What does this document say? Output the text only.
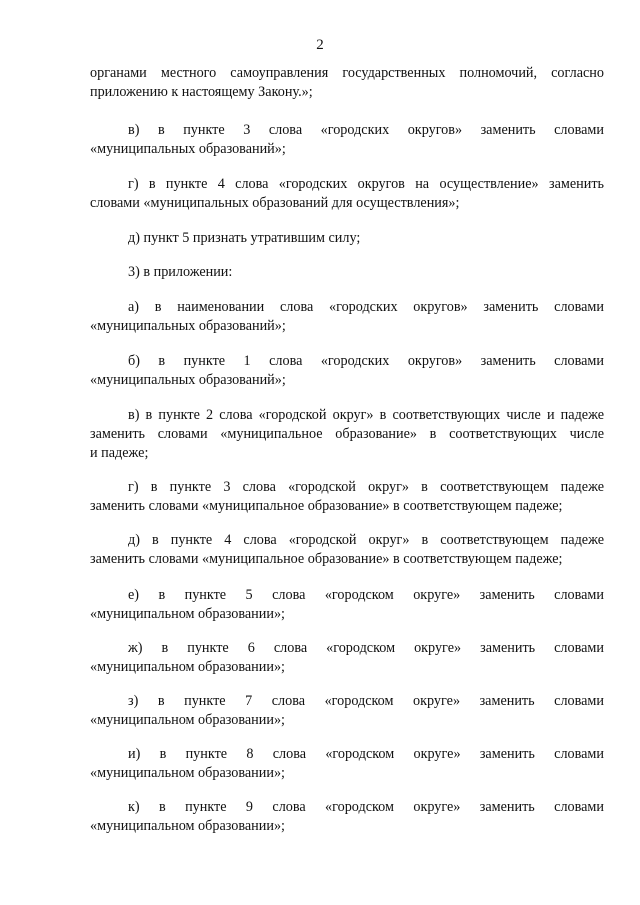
2
органами местного самоуправления государственных полномочий, согласно
приложению к настоящему Закону.»;
в) в пункте 3 слова «городских округов» заменить словами
«муниципальных образований»;
г) в пункте 4 слова «городских округов на осуществление» заменить
словами «муниципальных образований для осуществления»;
д) пункт 5 признать утратившим силу;
3) в приложении:
а) в наименовании слова «городских округов» заменить словами
«муниципальных образований»;
б) в пункте 1 слова «городских округов» заменить словами
«муниципальных образований»;
в) в пункте 2 слова «городской округ» в соответствующих числе и падеже
заменить словами «муниципальное образование» в соответствующих числе
и падеже;
г) в пункте 3 слова «городской округ» в соответствующем падеже
заменить словами «муниципальное образование» в соответствующем падеже;
д) в пункте 4 слова «городской округ» в соответствующем падеже
заменить словами «муниципальное образование» в соответствующем падеже;
е) в пункте 5 слова «городском округе» заменить словами
«муниципальном образовании»;
ж) в пункте 6 слова «городском округе» заменить словами
«муниципальном образовании»;
з) в пункте 7 слова «городском округе» заменить словами
«муниципальном образовании»;
и) в пункте 8 слова «городском округе» заменить словами
«муниципальном образовании»;
к) в пункте 9 слова «городском округе» заменить словами
«муниципальном образовании»;
